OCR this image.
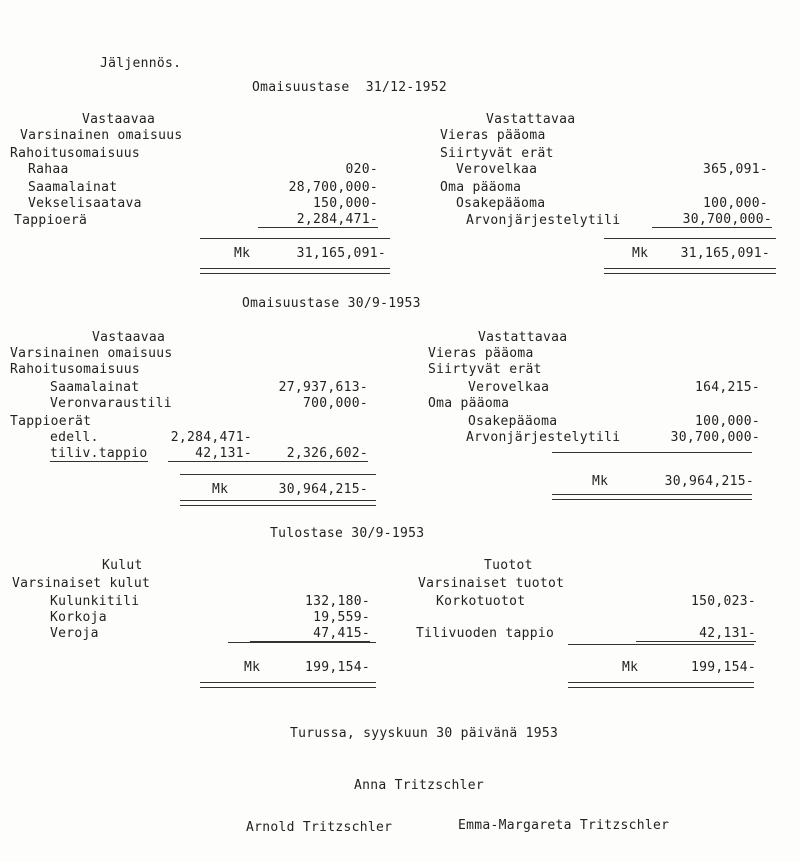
Jäljennös.
Omaisuustase  31/12-1952
Vastaavaa
Varsinainen omaisuus
Rahoitusomaisuus
Rahaa	020-
Saamalainat	28,700,000-
Vekselisaatava	150,000-
Tappioerä	2,284,471-
Mk	31,165,091-
Vastattavaa
Vieras pääoma
Siirtyvät erät
Verovelkaa	365,091-
Oma pääoma
Osakepääoma	100,000-
Arvonjärjestelytili	30,700,000-
Mk	31,165,091-
Omaisuustase 30/9-1953
Vastaavaa
Varsinainen omaisuus
Rahoitusomaisuus
Saamalainat	27,937,613-
Veronvaraustili	700,000-
Tappioerät
edell.	2,284,471-
tiliv.tappio	42,131-	2,326,602-
Mk	30,964,215-
Vastattavaa
Vieras pääoma
Siirtyvät erät
Verovelkaa	164,215-
Oma pääoma
Osakepääoma	100,000-
Arvonjärjestelytili	30,700,000-
Mk	30,964,215-
Tulostase 30/9-1953
Kulut
Varsinaiset kulut
Kulunkitili	132,180-
Korkoja	19,559-
Veroja	47,415-
Mk	199,154-
Tuotot
Varsinaiset tuotot
Korkotuotot	150,023-
Tilivuoden tappio	42,131-
Mk	199,154-
Turussa, syyskuun 30 päivänä 1953
Anna Tritzschler
Arnold Tritzschler	Emma-Margareta Tritzschler
